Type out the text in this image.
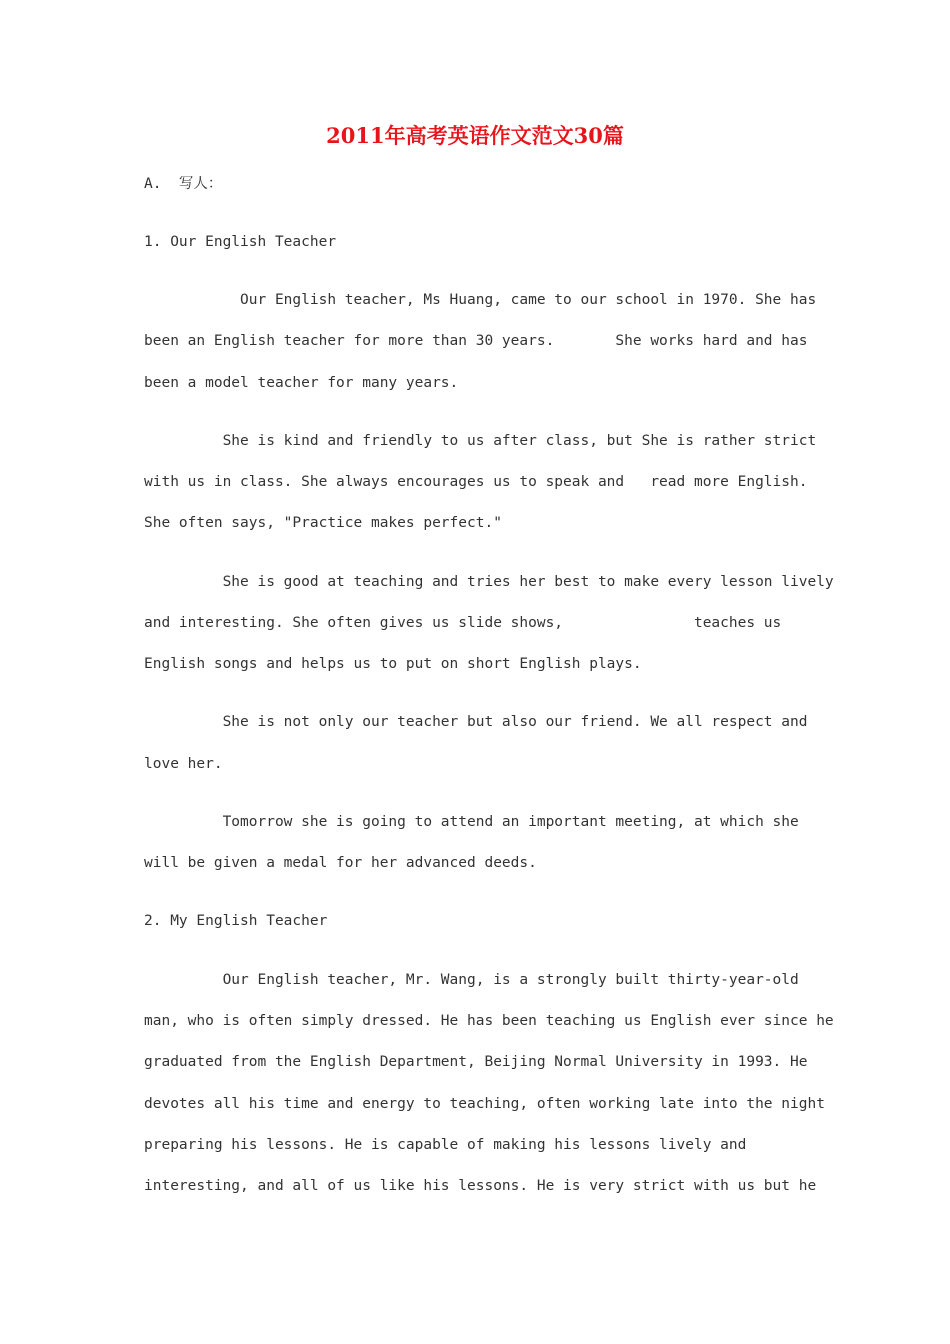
2011年高考英语作文范文30篇

A.  写人：

1. Our English Teacher

Our English teacher, Ms Huang, came to our school in 1970. She has

been an English teacher for more than 30 years.       She works hard and has

been a model teacher for many years.

She is kind and friendly to us after class, but She is rather strict

with us in class. She always encourages us to speak and   read more English.

She often says, "Practice makes perfect."

She is good at teaching and tries her best to make every lesson lively

and interesting. She often gives us slide shows,               teaches us

English songs and helps us to put on short English plays.

She is not only our teacher but also our friend. We all respect and

love her.

Tomorrow she is going to attend an important meeting, at which she

will be given a medal for her advanced deeds.

2. My English Teacher

Our English teacher, Mr. Wang, is a strongly built thirty-year-old

man, who is often simply dressed. He has been teaching us English ever since he

graduated from the English Department, Beijing Normal University in 1993. He

devotes all his time and energy to teaching, often working late into the night

preparing his lessons. He is capable of making his lessons lively and

interesting, and all of us like his lessons. He is very strict with us but he
